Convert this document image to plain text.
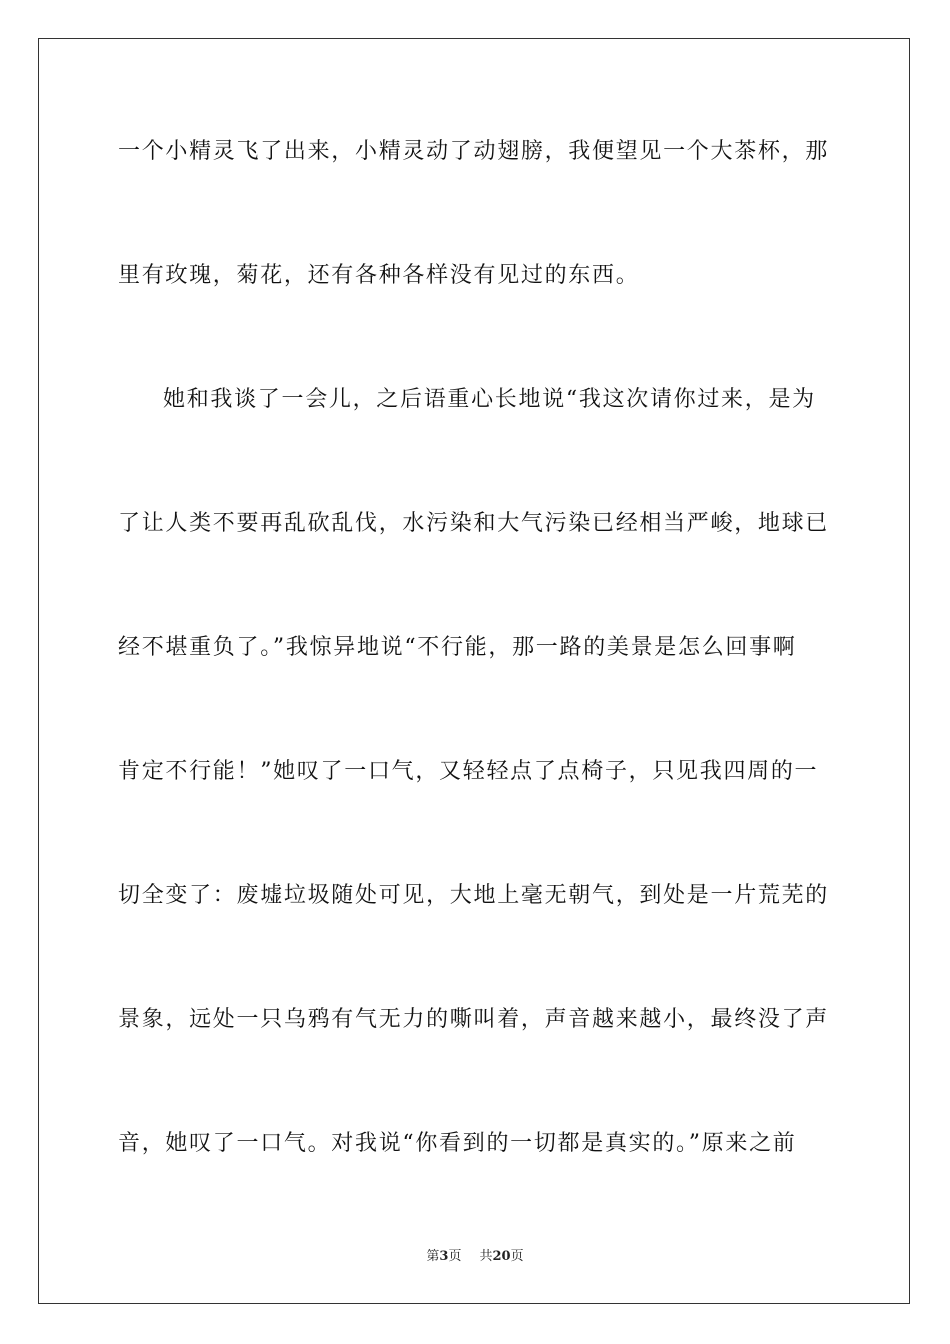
一个小精灵飞了出来，小精灵动了动翅膀，我便望见一个大茶杯，那
里有玫瑰，菊花，还有各种各样没有见过的东西。
她和我谈了一会儿，之后语重心长地说“我这次请你过来，是为
了让人类不要再乱砍乱伐，水污染和大气污染已经相当严峻，地球已
经不堪重负了。”我惊异地说“不行能，那一路的美景是怎么回事啊
肯定不行能！”她叹了一口气，又轻轻点了点椅子，只见我四周的一
切全变了：废墟垃圾随处可见，大地上毫无朝气，到处是一片荒芜的
景象，远处一只乌鸦有气无力的嘶叫着，声音越来越小，最终没了声
音，她叹了一口气。对我说“你看到的一切都是真实的。”原来之前
第3页 共20页
